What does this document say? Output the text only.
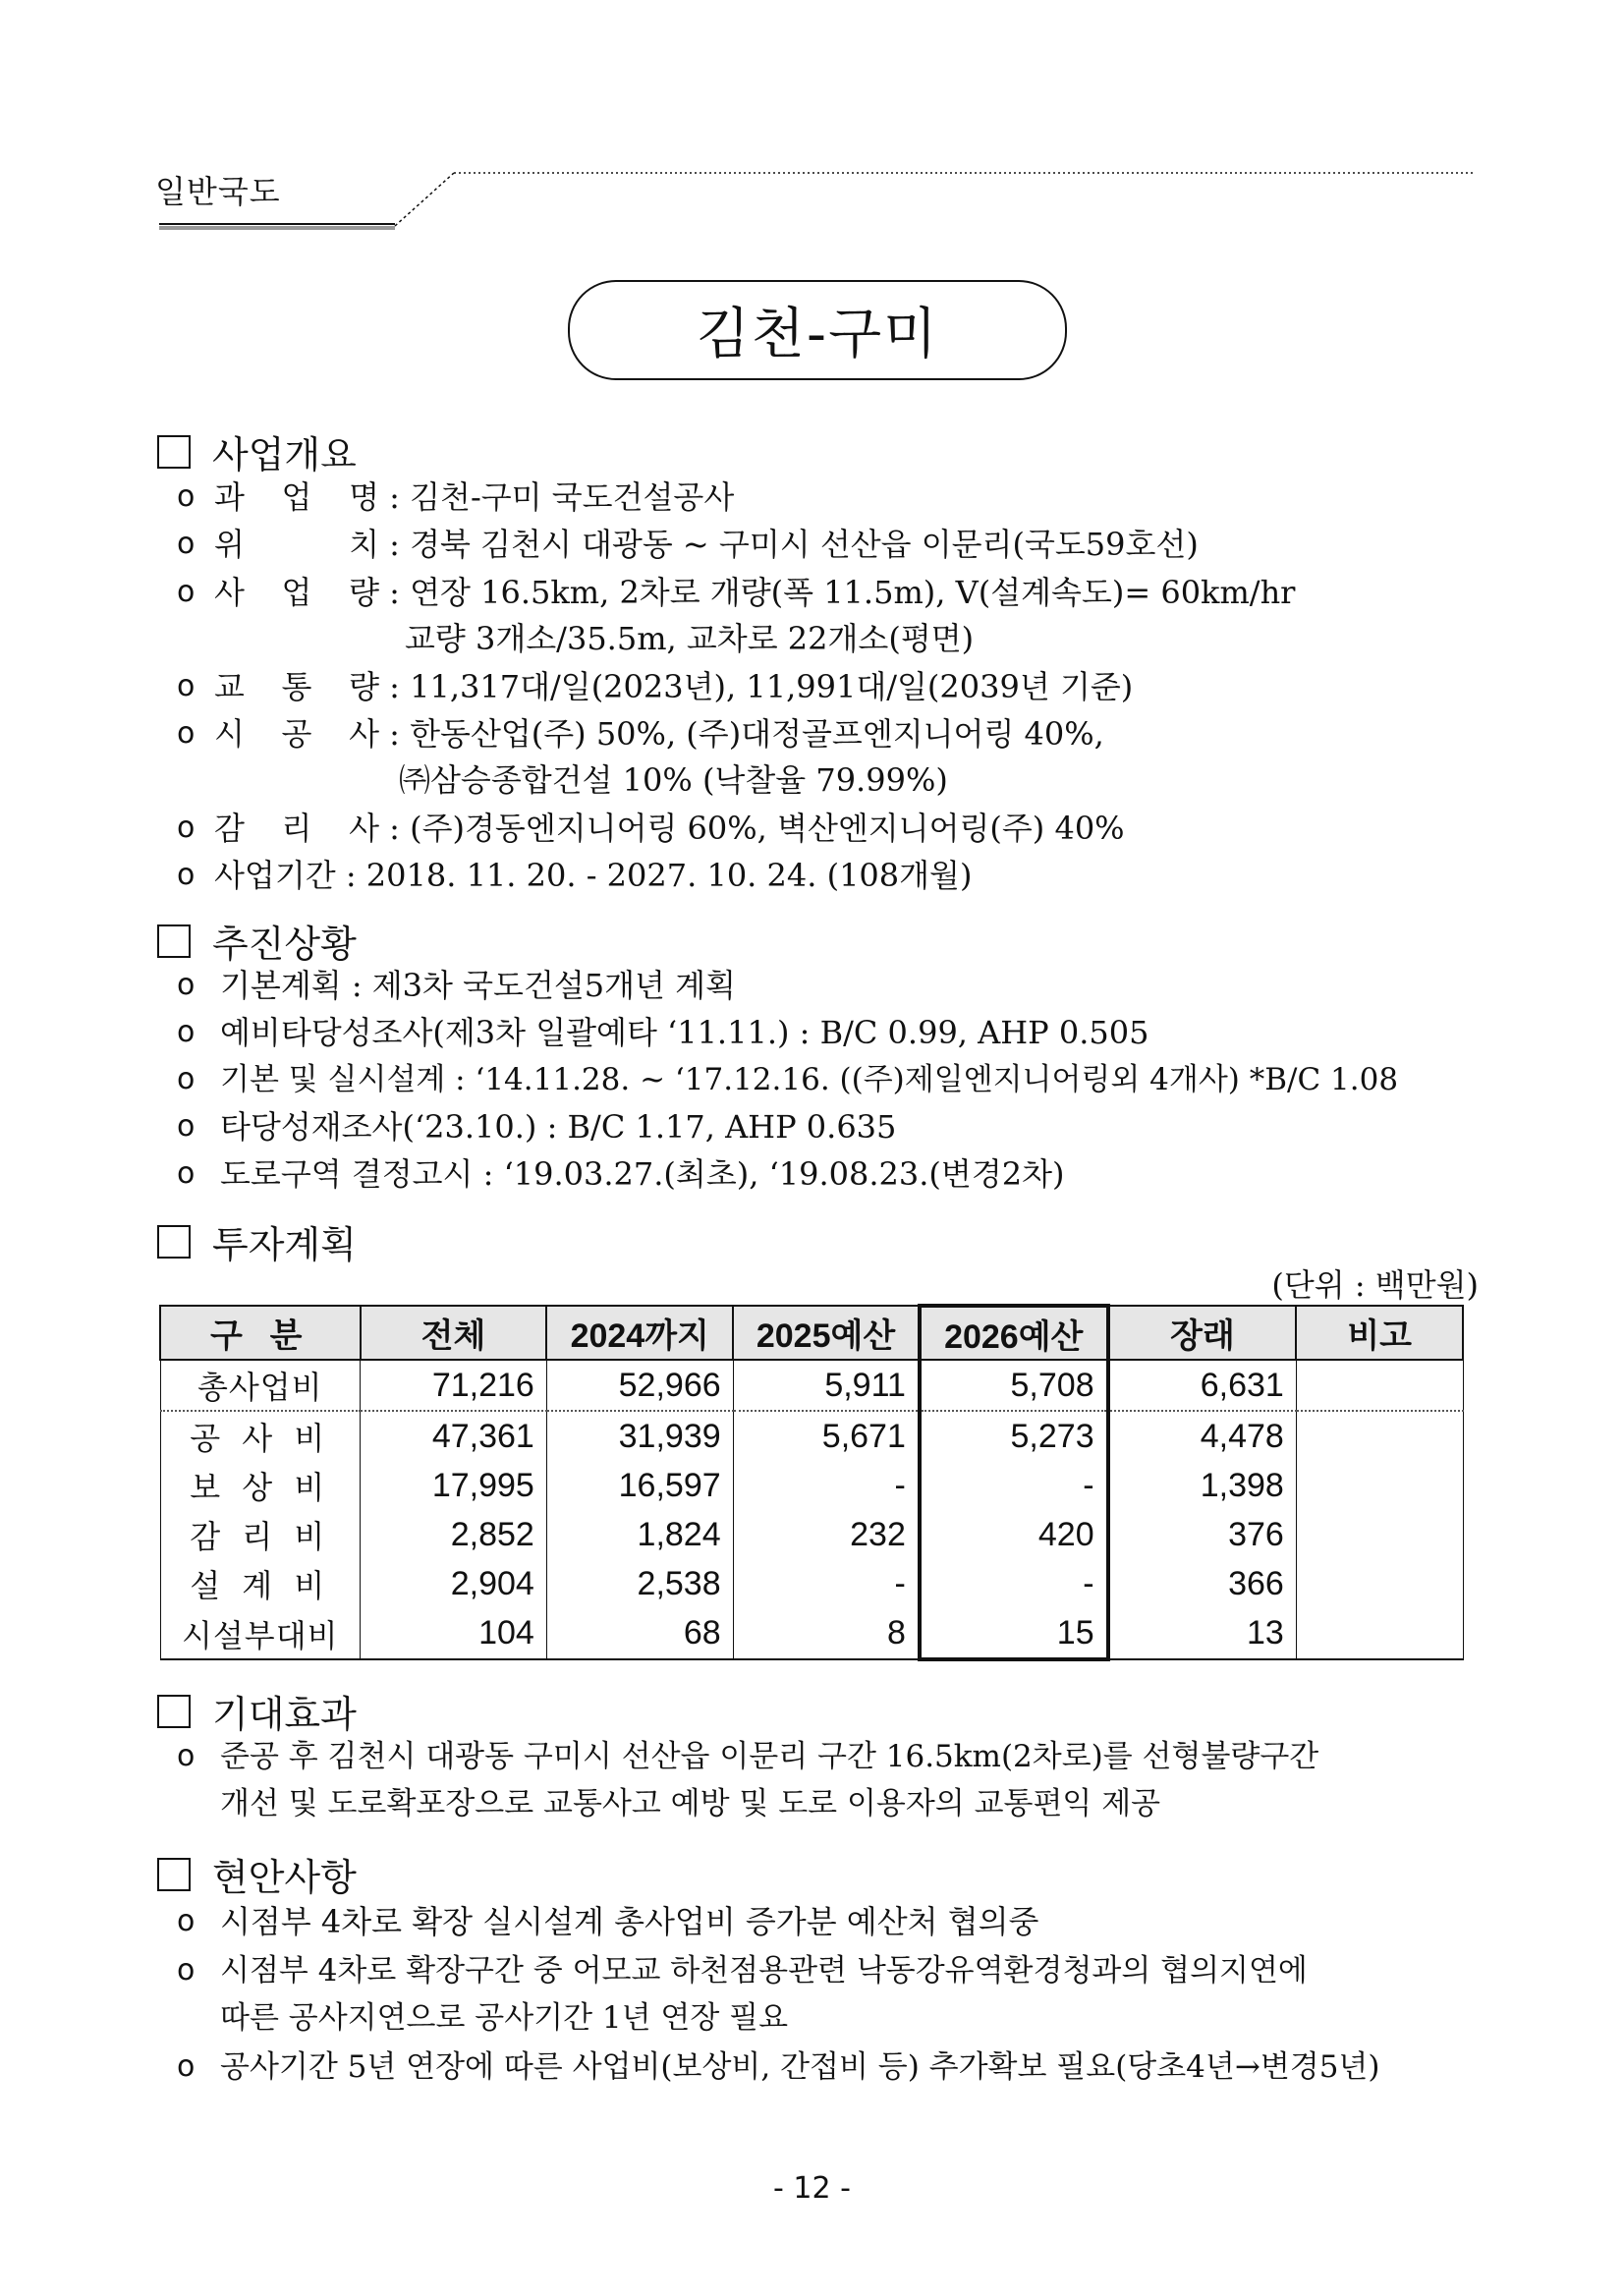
일반국도
김천-구미
사업개요
o 과 업 명 : 김천-구미 국도건설공사
o 위	치 : 경북 김천시 대광동 ~ 구미시 선산읍 이문리(국도59호선)
o 사 업 량 : 연장 16.5km, 2차로 개량(폭 11.5m), V(설계속도)= 60km/hr
교량 3개소/35.5m, 교차로 22개소(평면)
o 교 통 량 : 11,317대/일(2023년), 11,991대/일(2039년 기준)
o 시 공 사 : 한동산업(주) 50%, (주)대정골프엔지니어링 40%,
㈜삼승종합건설 10% (낙찰율 79.99%)
o 감 리 사 : (주)경동엔지니어링 60%, 벽산엔지니어링(주) 40%
o 사업기간 : 2018. 11. 20. - 2027. 10. 24. (108개월)
추진상황
o 기본계획 : 제3차 국도건설5개년 계획
o 예비타당성조사(제3차 일괄예타 ‘11.11.) : B/C 0.99, AHP 0.505
o 기본 및 실시설계 : ‘14.11.28. ~ ‘17.12.16. ((주)제일엔지니어링외 4개사) *B/C 1.08
o 타당성재조사(‘23.10.) : B/C 1.17, AHP 0.635
o 도로구역 결정고시 : ‘19.03.27.(최초), ‘19.08.23.(변경2차)
투자계획
(단위 : 백만원)
구 분	전체	2024까지	2025예산	2026예산	장래	비고
총사업비	71,216	52,966	5,911	5,708	6,631	
공 사 비	47,361	31,939	5,671	5,273	4,478	
보 상 비	17,995	16,597	-	-	1,398	
감 리 비	2,852	1,824	232	420	376	
설 계 비	2,904	2,538	-	-	366	
시설부대비	104	68	8	15	13	
기대효과
o 준공 후 김천시 대광동 구미시 선산읍 이문리 구간 16.5km(2차로)를 선형불량구간
개선 및 도로확포장으로 교통사고 예방 및 도로 이용자의 교통편익 제공
현안사항
o 시점부 4차로 확장 실시설계 총사업비 증가분 예산처 협의중
o 시점부 4차로 확장구간 중 어모교 하천점용관련 낙동강유역환경청과의 협의지연에
따른 공사지연으로 공사기간 1년 연장 필요
o 공사기간 5년 연장에 따른 사업비(보상비, 간접비 등) 추가확보 필요(당초4년→변경5년)
- 12 -
